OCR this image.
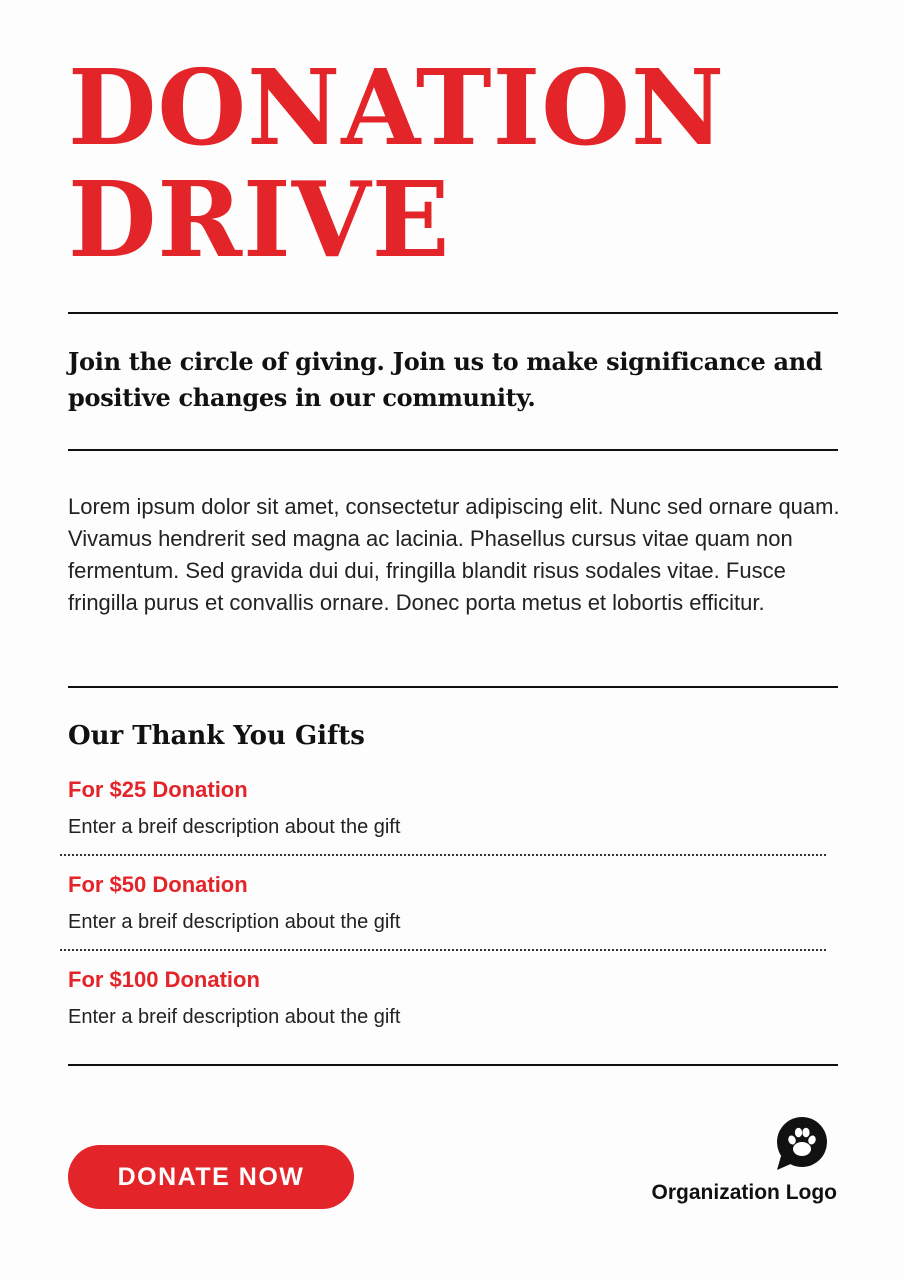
DONATION
DRIVE

Join the circle of giving. Join us to make significance and positive changes in our community.

Lorem ipsum dolor sit amet, consectetur adipiscing elit. Nunc sed ornare quam. Vivamus hendrerit sed magna ac lacinia. Phasellus cursus vitae quam non fermentum. Sed gravida dui dui, fringilla blandit risus sodales vitae. Fusce fringilla purus et convallis ornare. Donec porta metus et lobortis efficitur.

Our Thank You Gifts
For $25 Donation
Enter a breif description about the gift
For $50 Donation
Enter a breif description about the gift
For $100 Donation
Enter a breif description about the gift
DONATE NOW
Organization Logo
